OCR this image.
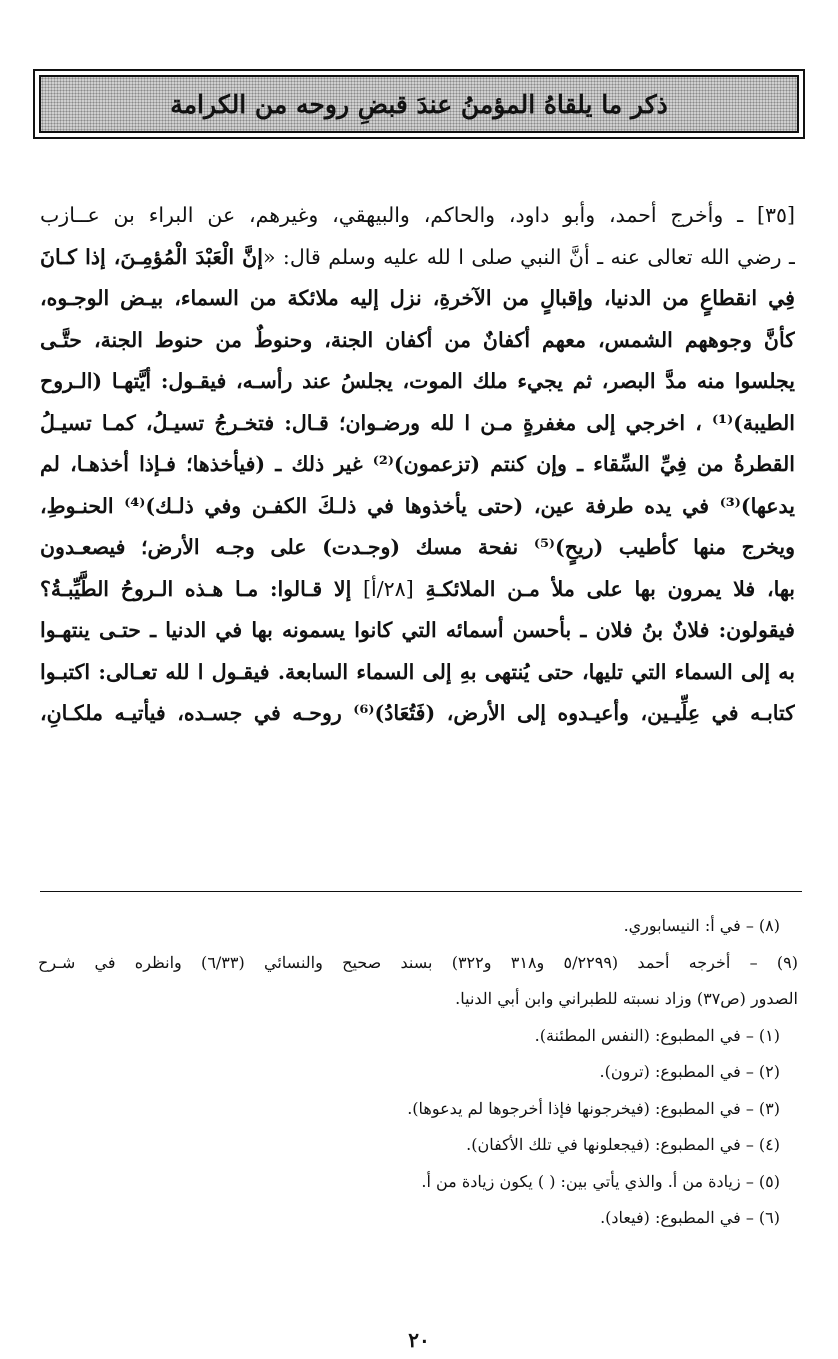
ذكر ما يلقاهُ المؤمنُ عندَ قبضِ روحه من الكرامة
[٣٥] ـ وأخرج أحمد، وأبو داود، والحاكم، والبيهقي، وغيرهم، عن البراء بن عــازب
ـ رضي الله تعالى عنه ـ أنَّ النبي صلى ا لله عليه وسلم قال: «إنَّ الْعَبْدَ الْمُؤمِـنَ، إذا كـانَ
فِي انقطاعٍ من الدنيا، وإقبالٍ من الآخرةِ، نزل إليه ملائكة من السماء، بيـض الوجـوه،
كأنَّ وجوههم الشمس، معهم أكفانٌ من أكفان الجنة، وحنوطٌ من حنوط الجنة، حتَّـى
يجلسوا منه مدَّ البصر، ثم يجيء ملك الموت، يجلسُ عند رأسـه، فيقـول: أيَّتهـا (الـروح
الطيبة)⁽¹⁾ ، اخرجي إلى مغفرةٍ مـن ا لله ورضـوان؛ قـال: فتخـرجُ تسيـلُ، كمـا تسيـلُ
القطرةُ من فِيِّ السِّقاء ـ وإن كنتم (تزعمون)⁽²⁾ غير ذلك ـ (فيأخذها؛ فـإذا أخذهـا، لم
يدعها)⁽³⁾ في يده طرفة عين، (حتى يأخذوها في ذلـكَ الكفـن وفي ذلـك)⁽⁴⁾ الحنـوطِ،
ويخرج منها كأطيب (ريحٍ)⁽⁵⁾ نفحة مسك (وجـدت) على وجـه الأرض؛ فيصعـدون
بها، فلا يمرون بها على ملأ مـن الملائكـةِ [٢٨/أ] إلا قـالوا: مـا هـذه الـروحُ الطَّيِّبـةُ؟
فيقولون: فلانٌ بنُ فلان ـ بأحسن أسمائه التي كانوا يسمونه بها في الدنيا ـ حتـى ينتهـوا
به إلى السماء التي تليها، حتى يُنتهى بهِ إلى السماء السابعة. فيقـول ا لله تعـالى: اكتبـوا
كتابـه في عِلِّيـين، وأعيـدوه إلى الأرض، (فَتُعَادُ)⁽⁶⁾ روحـه في جسـده، فيأتيـه ملكـانِ،
(٨) – في أ: النيسابوري.
(٩) – أخرجه أحمد (٥/٢٢٩٩ و٣١٨ و٣٢٢) بسند صحيح والنسائي (٦/٣٣) وانظره في شـرح
الصدور (ص٣٧) وزاد نسبته للطبراني وابن أبي الدنيا.
(١) – في المطبوع: (النفس المطئنة).
(٢) – في المطبوع: (ترون).
(٣) – في المطبوع: (فيخرجونها فإذا أخرجوها لم يدعوها).
(٤) – في المطبوع: (فيجعلونها في تلك الأكفان).
(٥) – زيادة من أ. والذي يأتي بين: ( ) يكون زيادة من أ.
(٦) – في المطبوع: (فيعاد).
٢٠
